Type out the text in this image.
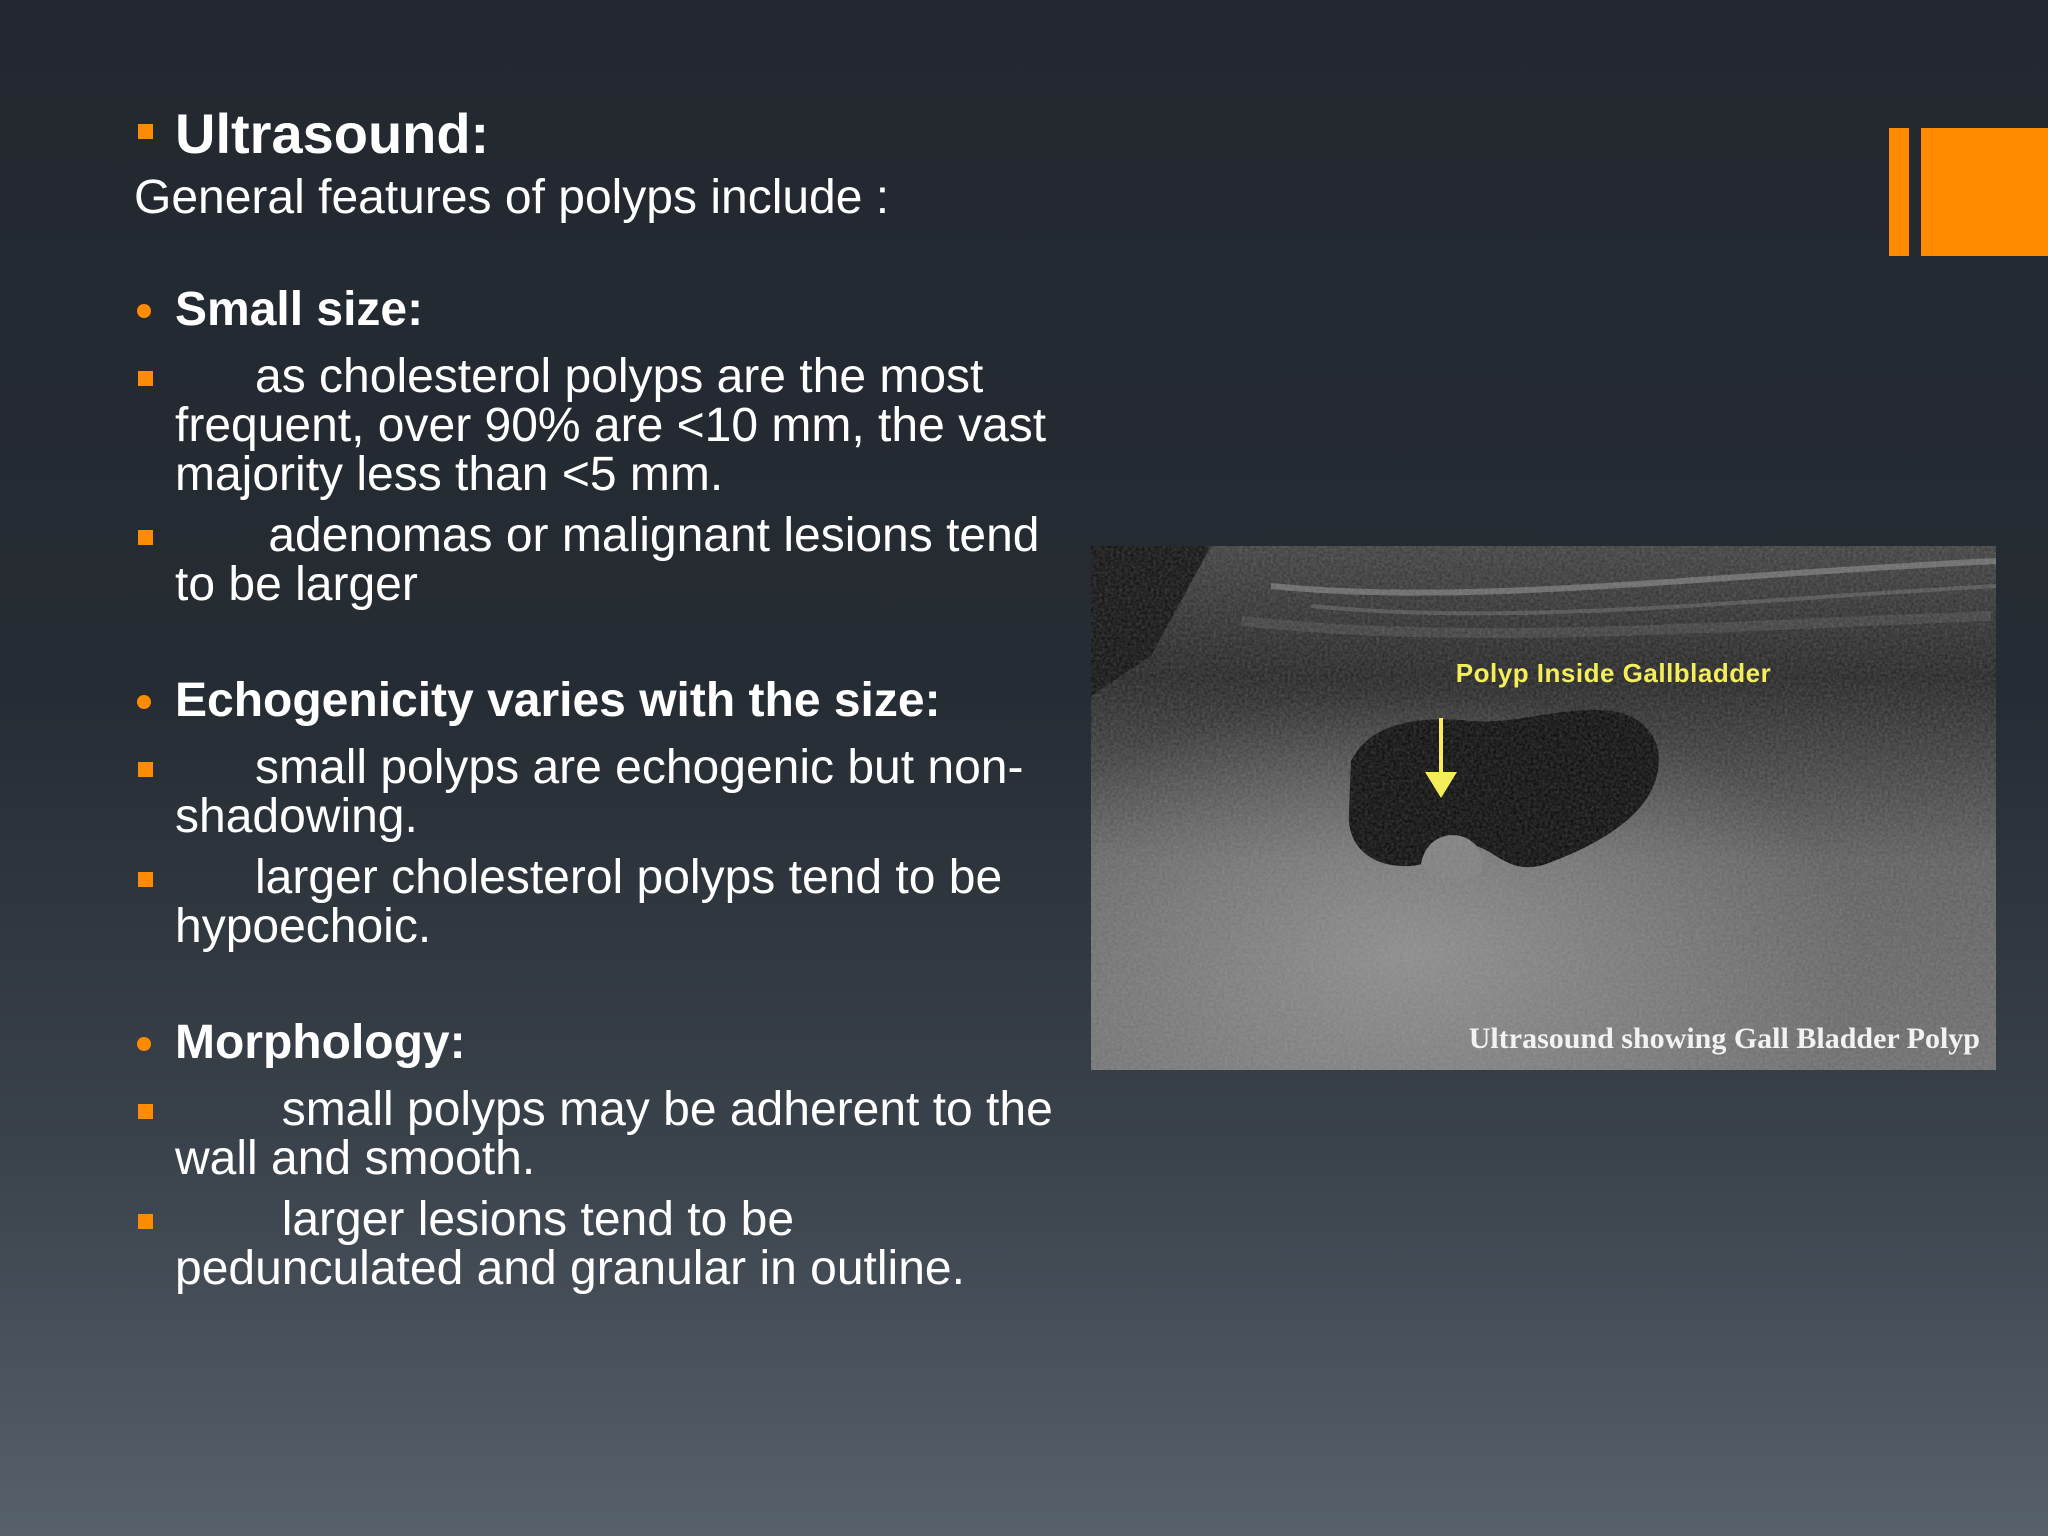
Ultrasound:
General features of polyps include :
Small size:
as cholesterol polyps are the most frequent, over 90% are <10 mm, the vast majority less than <5 mm.
adenomas or malignant lesions tend to be larger
Echogenicity varies with the size:
small polyps are echogenic but non-shadowing.
larger cholesterol polyps tend to be hypoechoic.
Morphology:
small polyps may be adherent to the wall and smooth.
larger lesions tend to be pedunculated and granular in outline.
Polyp Inside Gallbladder
Ultrasound showing Gall Bladder Polyp
